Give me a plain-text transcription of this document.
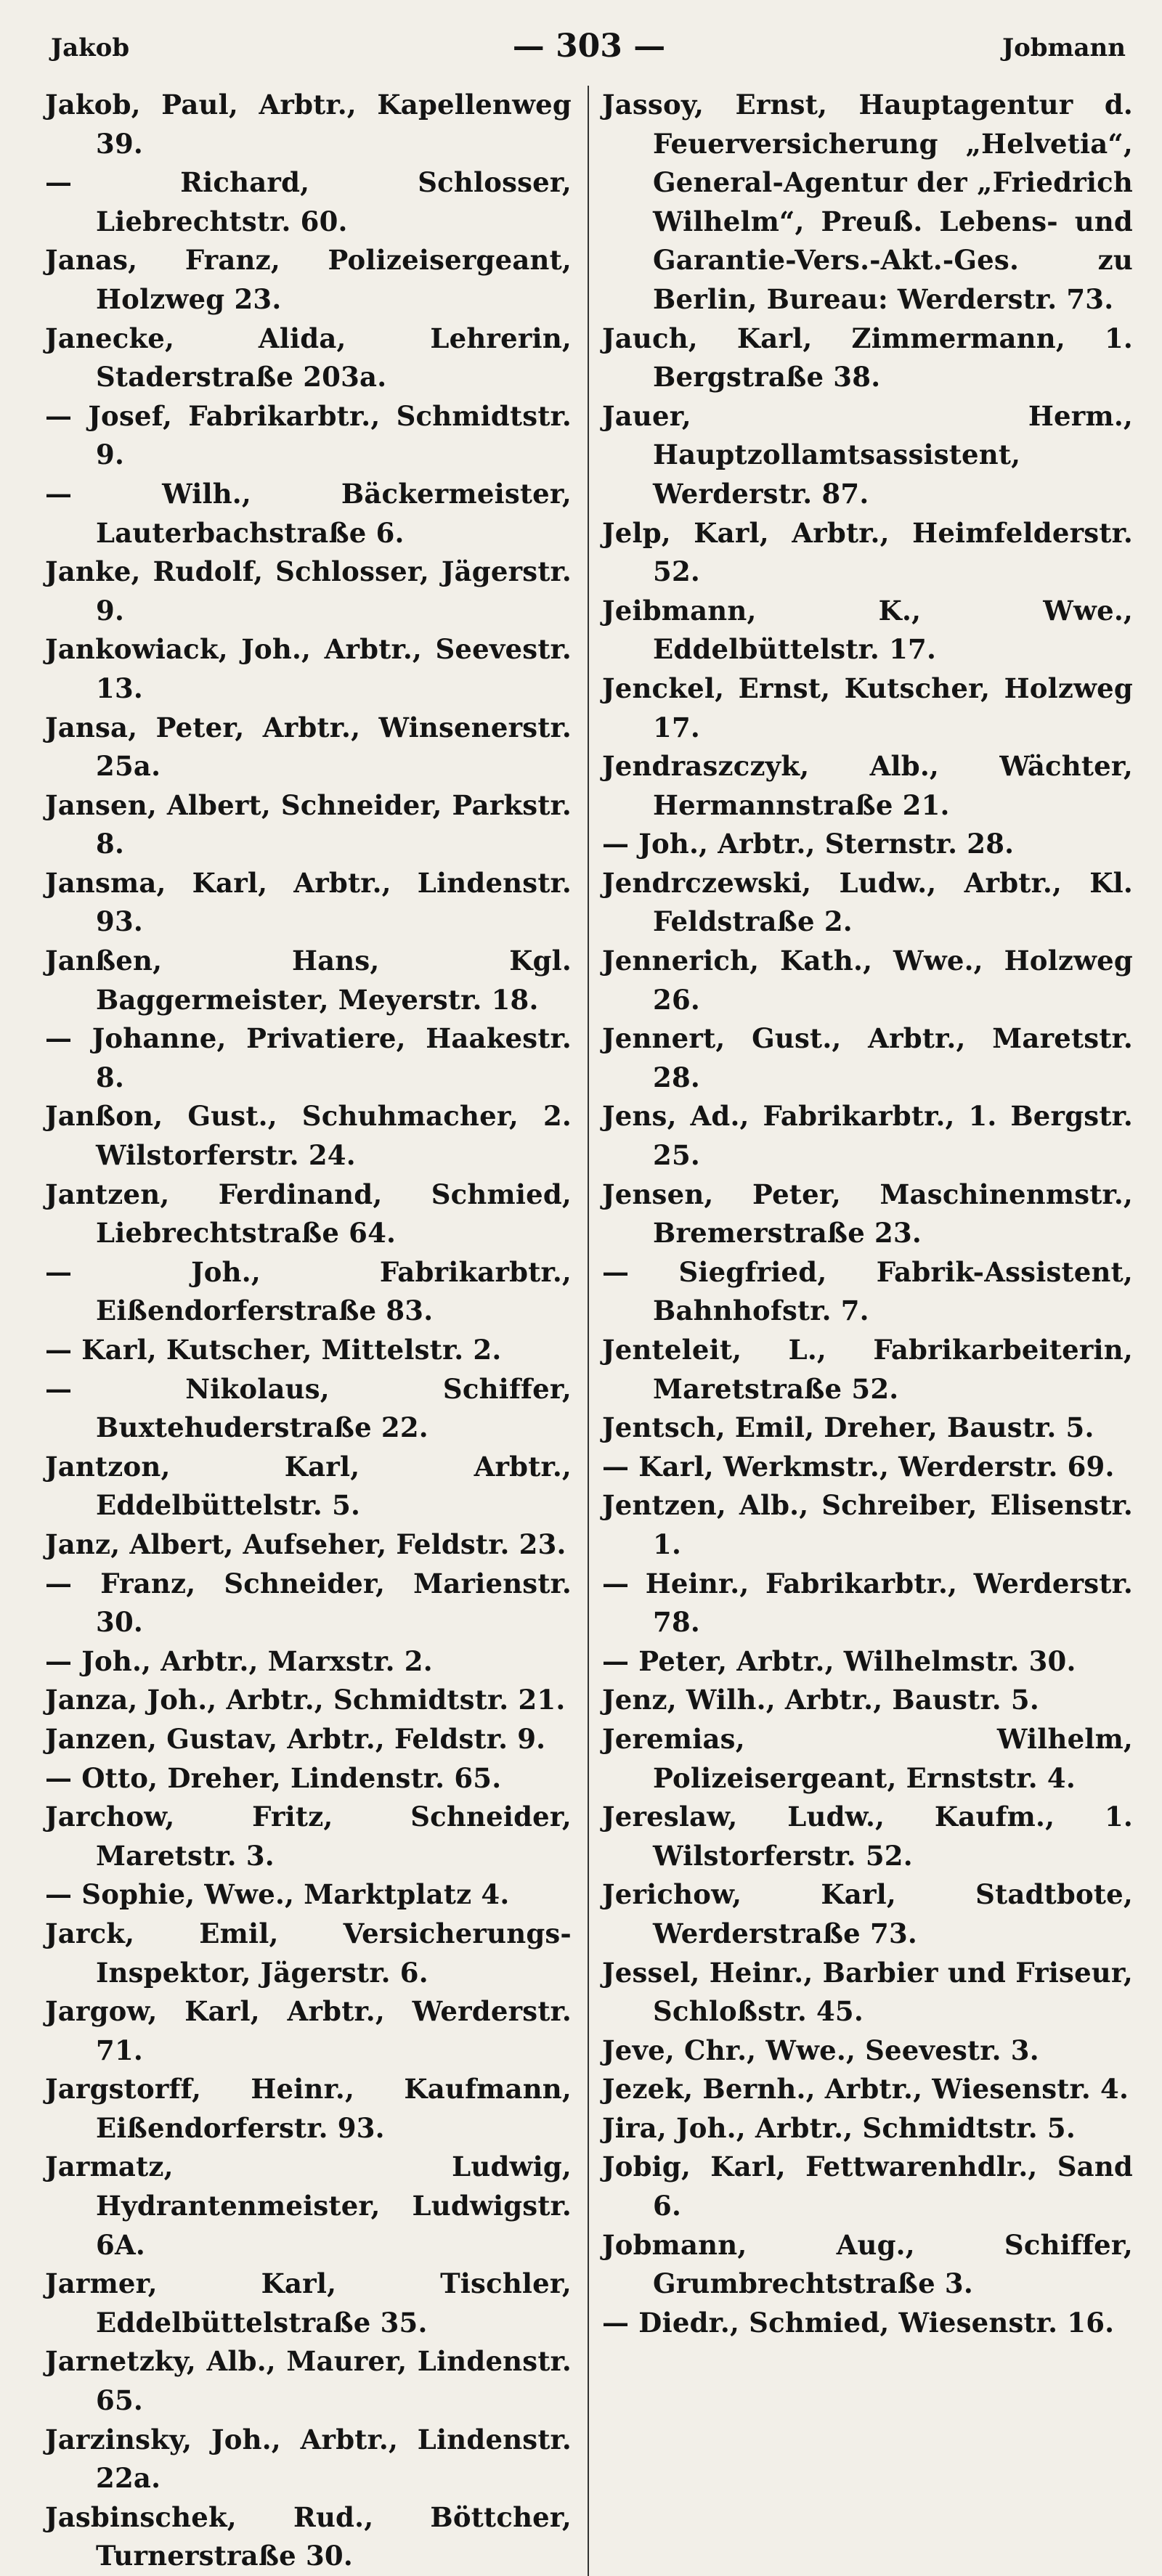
Jakob	— 303 —	Jobmann

Jakob, Paul, Arbtr., Kapellenweg 39.

— Richard, Schlosser, Liebrechtstr. 60.

Janas, Franz, Polizeisergeant, Holzweg 23.

Janecke, Alida, Lehrerin, Staderstraße 203a.

— Josef, Fabrikarbtr., Schmidtstr. 9.

— Wilh., Bäckermeister, Lauterbachstraße 6.

Janke, Rudolf, Schlosser, Jägerstr. 9.

Jankowiack, Joh., Arbtr., Seevestr. 13.

Jansa, Peter, Arbtr., Winsenerstr. 25a.

Jansen, Albert, Schneider, Parkstr. 8.

Jansma, Karl, Arbtr., Lindenstr. 93.

Janßen, Hans, Kgl. Baggermeister, Meyerstr. 18.

— Johanne, Privatiere, Haakestr. 8.

Janßon, Gust., Schuhmacher, 2. Wilstorferstr. 24.

Jantzen, Ferdinand, Schmied, Liebrechtstraße 64.

— Joh., Fabrikarbtr., Eißendorferstraße 83.

— Karl, Kutscher, Mittelstr. 2.

— Nikolaus, Schiffer, Buxtehuderstraße 22.

Jantzon, Karl, Arbtr., Eddelbüttelstr. 5.

Janz, Albert, Aufseher, Feldstr. 23.

— Franz, Schneider, Marienstr. 30.

— Joh., Arbtr., Marxstr. 2.

Janza, Joh., Arbtr., Schmidtstr. 21.

Janzen, Gustav, Arbtr., Feldstr. 9.

— Otto, Dreher, Lindenstr. 65.

Jarchow, Fritz, Schneider, Maretstr. 3.

— Sophie, Wwe., Marktplatz 4.

Jarck, Emil, Versicherungs-Inspektor, Jägerstr. 6.

Jargow, Karl, Arbtr., Werderstr. 71.

Jargstorff, Heinr., Kaufmann, Eißendorferstr. 93.

Jarmatz, Ludwig, Hydrantenmeister, Ludwigstr. 6A.

Jarmer, Karl, Tischler, Eddelbüttelstraße 35.

Jarnetzky, Alb., Maurer, Lindenstr. 65.

Jarzinsky, Joh., Arbtr., Lindenstr. 22a.

Jasbinschek, Rud., Böttcher, Turnerstraße 30.

Jassoy, Ernst, Hauptagentur d. Feuerversicherung „Helvetia“, General-Agentur der „Friedrich Wilhelm“, Preuß. Lebens- und Garantie-Vers.-Akt.-Ges. zu Berlin, Bureau: Werderstr. 73.

Jauch, Karl, Zimmermann, 1. Bergstraße 38.

Jauer, Herm., Hauptzollamtsassistent, Werderstr. 87.

Jelp, Karl, Arbtr., Heimfelderstr. 52.

Jeibmann, K., Wwe., Eddelbüttelstr. 17.

Jenckel, Ernst, Kutscher, Holzweg 17.

Jendraszczyk, Alb., Wächter, Hermannstraße 21.

— Joh., Arbtr., Sternstr. 28.

Jendrczewski, Ludw., Arbtr., Kl. Feldstraße 2.

Jennerich, Kath., Wwe., Holzweg 26.

Jennert, Gust., Arbtr., Maretstr. 28.

Jens, Ad., Fabrikarbtr., 1. Bergstr. 25.

Jensen, Peter, Maschinenmstr., Bremerstraße 23.

— Siegfried, Fabrik-Assistent, Bahnhofstr. 7.

Jenteleit, L., Fabrikarbeiterin, Maretstraße 52.

Jentsch, Emil, Dreher, Baustr. 5.

— Karl, Werkmstr., Werderstr. 69.

Jentzen, Alb., Schreiber, Elisenstr. 1.

— Heinr., Fabrikarbtr., Werderstr. 78.

— Peter, Arbtr., Wilhelmstr. 30.

Jenz, Wilh., Arbtr., Baustr. 5.

Jeremias, Wilhelm, Polizeisergeant, Ernststr. 4.

Jereslaw, Ludw., Kaufm., 1. Wilstorferstr. 52.

Jerichow, Karl, Stadtbote, Werderstraße 73.

Jessel, Heinr., Barbier und Friseur, Schloßstr. 45.

Jeve, Chr., Wwe., Seevestr. 3.

Jezek, Bernh., Arbtr., Wiesenstr. 4.

Jira, Joh., Arbtr., Schmidtstr. 5.

Jobig, Karl, Fettwarenhdlr., Sand 6.

Jobmann, Aug., Schiffer, Grumbrechtstraße 3.

— Diedr., Schmied, Wiesenstr. 16.
